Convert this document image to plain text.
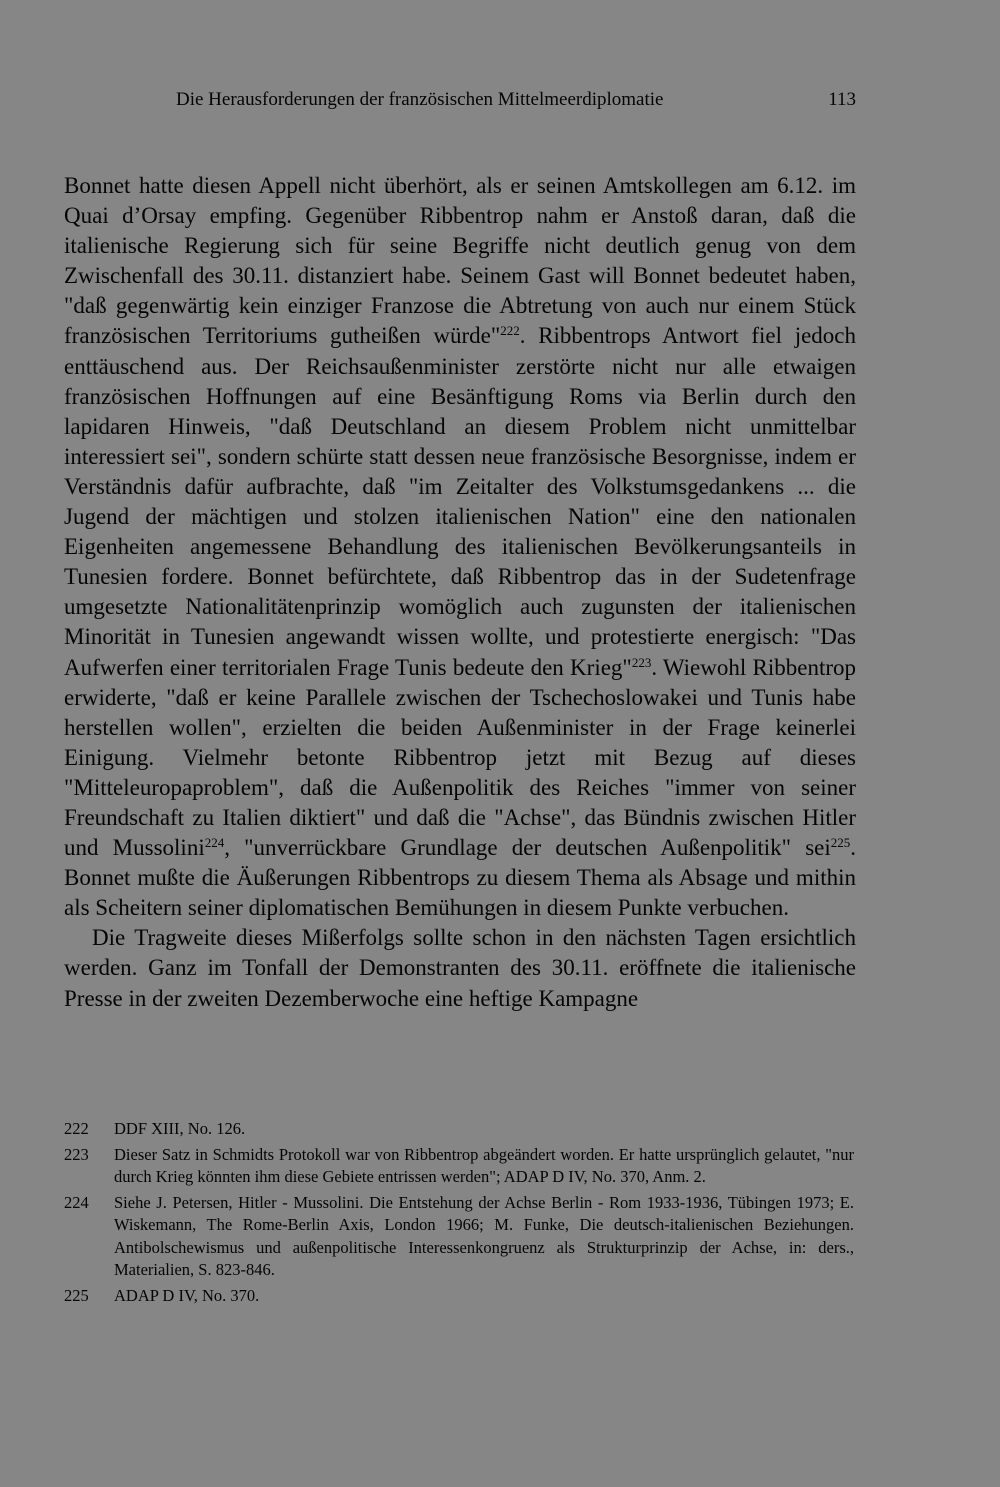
Die Herausforderungen der französischen Mittelmeerdiplomatie	113

Bonnet hatte diesen Appell nicht überhört, als er seinen Amtskollegen am 6.12. im Quai d’Orsay empfing. Gegenüber Ribbentrop nahm er Anstoß daran, daß die italienische Regierung sich für seine Begriffe nicht deutlich genug von dem Zwischenfall des 30.11. distanziert habe. Seinem Gast will Bonnet bedeutet haben, "daß gegenwärtig kein einziger Franzose die Abtretung von auch nur einem Stück französischen Territoriums gutheißen würde"$^{222}$. Ribbentrops Antwort fiel jedoch enttäuschend aus. Der Reichsaußenminister zerstörte nicht nur alle etwaigen französischen Hoffnungen auf eine Besänftigung Roms via Berlin durch den lapidaren Hinweis, "daß Deutschland an diesem Problem nicht unmittelbar interessiert sei", sondern schürte statt dessen neue französische Besorgnisse, indem er Verständnis dafür aufbrachte, daß "im Zeitalter des Volkstumsgedankens ... die Jugend der mächtigen und stolzen italienischen Nation" eine den nationalen Eigenheiten angemessene Behandlung des italienischen Bevölkerungsanteils in Tunesien fordere. Bonnet befürchtete, daß Ribbentrop das in der Sudetenfrage umgesetzte Nationalitätenprinzip womöglich auch zugunsten der italienischen Minorität in Tunesien angewandt wissen wollte, und protestierte energisch: "Das Aufwerfen einer territorialen Frage Tunis bedeute den Krieg"$^{223}$. Wiewohl Ribbentrop erwiderte, "daß er keine Parallele zwischen der Tschechoslowakei und Tunis habe herstellen wollen", erzielten die beiden Außenminister in der Frage keinerlei Einigung. Vielmehr betonte Ribbentrop jetzt mit Bezug auf dieses "Mitteleuropaproblem", daß die Außenpolitik des Reiches "immer von seiner Freundschaft zu Italien diktiert" und daß die "Achse", das Bündnis zwischen Hitler und Mussolini$^{224}$, "unverrückbare Grundlage der deutschen Außenpolitik" sei$^{225}$. Bonnet mußte die Äußerungen Ribbentrops zu diesem Thema als Absage und mithin als Scheitern seiner diplomatischen Bemühungen in diesem Punkte verbuchen.

Die Tragweite dieses Mißerfolgs sollte schon in den nächsten Tagen ersichtlich werden. Ganz im Tonfall der Demonstranten des 30.11. eröffnete die italienische Presse in der zweiten Dezemberwoche eine heftige Kampagne

222	DDF XIII, No. 126.
223	Dieser Satz in Schmidts Protokoll war von Ribbentrop abgeändert worden. Er hatte ursprünglich gelautet, "nur durch Krieg könnten ihm diese Gebiete entrissen werden"; ADAP D IV, No. 370, Anm. 2.
224	Siehe J. Petersen, Hitler - Mussolini. Die Entstehung der Achse Berlin - Rom 1933-1936, Tübingen 1973; E. Wiskemann, The Rome-Berlin Axis, London 1966; M. Funke, Die deutsch-italienischen Beziehungen. Antibolschewismus und außenpolitische Interessenkongruenz als Strukturprinzip der Achse, in: ders., Materialien, S. 823-846.
225	ADAP D IV, No. 370.
